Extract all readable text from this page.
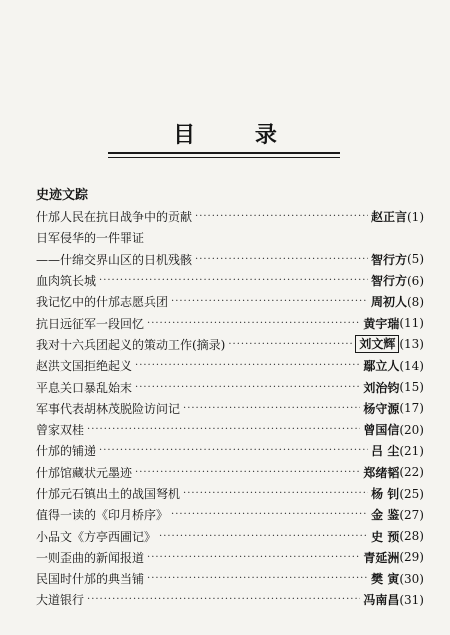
目 录
史迹文踪
什邡人民在抗日战争中的贡献 ·····	赵正言 (1)
日军侵华的一件罪证
——什绵交界山区的日机残骸 ·····	智行方 (5)
血肉筑长城 ·····	智行方 (6)
我记忆中的什邡志愿兵团 ·····	周初人 (8)
抗日远征军一段回忆 ·····	黄宇瑞 (11)
我对十六兵团起义的策动工作(摘录) ·····	刘文辉 (13)
赵洪文国拒绝起义 ·····	鄢立人 (14)
平息关口暴乱始末 ·····	刘治钧 (15)
军事代表胡林茂脱险访问记 ·····	杨守源 (17)
曾家双桂 ·····	曾国信 (20)
什邡的铺递 ·····	吕 尘 (21)
什邡馆藏状元墨迹 ·····	郑绪韬 (22)
什邡元石镇出土的战国弩机 ·····	杨 钊 (25)
值得一读的《印月桥序》 ·····	金 鉴 (27)
小品文《方亭西圃记》 ·····	史 预 (28)
一则歪曲的新闻报道 ·····	青延洲 (29)
民国时什邡的典当铺 ·····	樊 寅 (30)
大道银行 ·····	冯南昌 (31)
